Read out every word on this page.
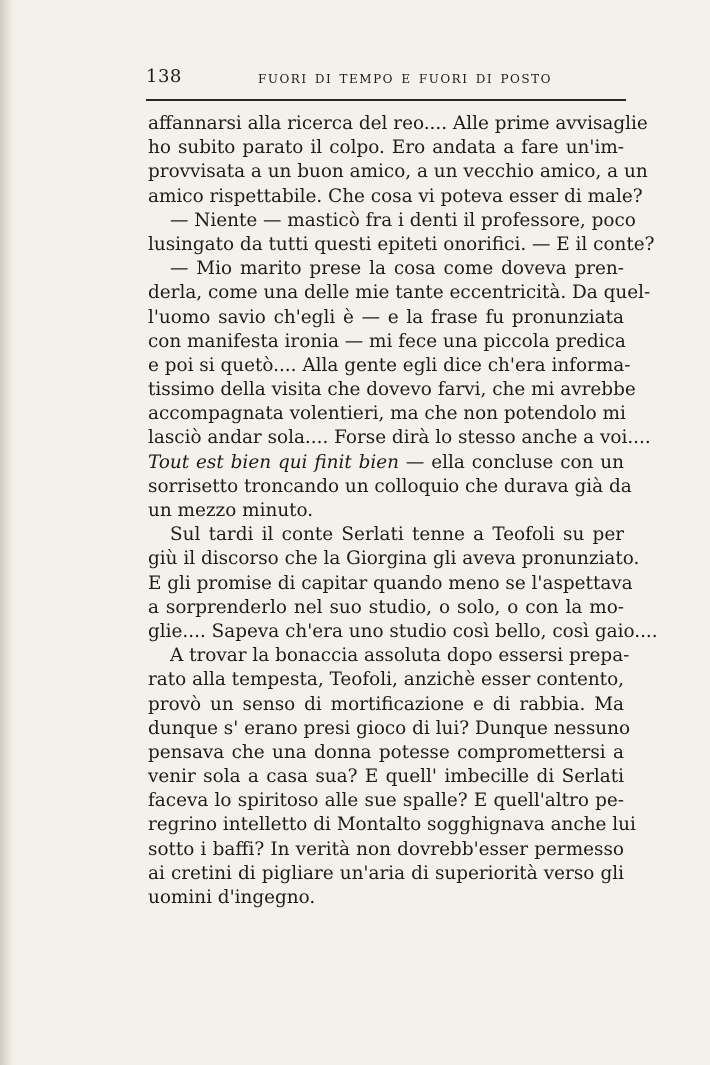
138	FUORI DI TEMPO E FUORI DI POSTO
affannarsi alla ricerca del reo.... Alle prime avvisaglie
ho subito parato il colpo. Ero andata a fare un'im-
provvisata a un buon amico, a un vecchio amico, a un
amico rispettabile. Che cosa vi poteva esser di male?
— Niente — masticò fra i denti il professore, poco
lusingato da tutti questi epiteti onorifici. — E il conte?
— Mio marito prese la cosa come doveva pren-
derla, come una delle mie tante eccentricità. Da quel-
l'uomo savio ch'egli è — e la frase fu pronunziata
con manifesta ironia — mi fece una piccola predica
e poi si quetò.... Alla gente egli dice ch'era informa-
tissimo della visita che dovevo farvi, che mi avrebbe
accompagnata volentieri, ma che non potendolo mi
lasciò andar sola.... Forse dirà lo stesso anche a voi....
Tout est bien qui finit bien — ella concluse con un
sorrisetto troncando un colloquio che durava già da
un mezzo minuto.
Sul tardi il conte Serlati tenne a Teofoli su per
giù il discorso che la Giorgina gli aveva pronunziato.
E gli promise di capitar quando meno se l'aspettava
a sorprenderlo nel suo studio, o solo, o con la mo-
glie.... Sapeva ch'era uno studio così bello, così gaio....
A trovar la bonaccia assoluta dopo essersi prepa-
rato alla tempesta, Teofoli, anzichè esser contento,
provò un senso di mortificazione e di rabbia. Ma
dunque s' erano presi gioco di lui? Dunque nessuno
pensava che una donna potesse compromettersi a
venir sola a casa sua? E quell' imbecille di Serlati
faceva lo spiritoso alle sue spalle? E quell'altro pe-
regrino intelletto di Montalto sogghignava anche lui
sotto i baffi? In verità non dovrebb'esser permesso
ai cretini di pigliare un'aria di superiorità verso gli
uomini d'ingegno.
